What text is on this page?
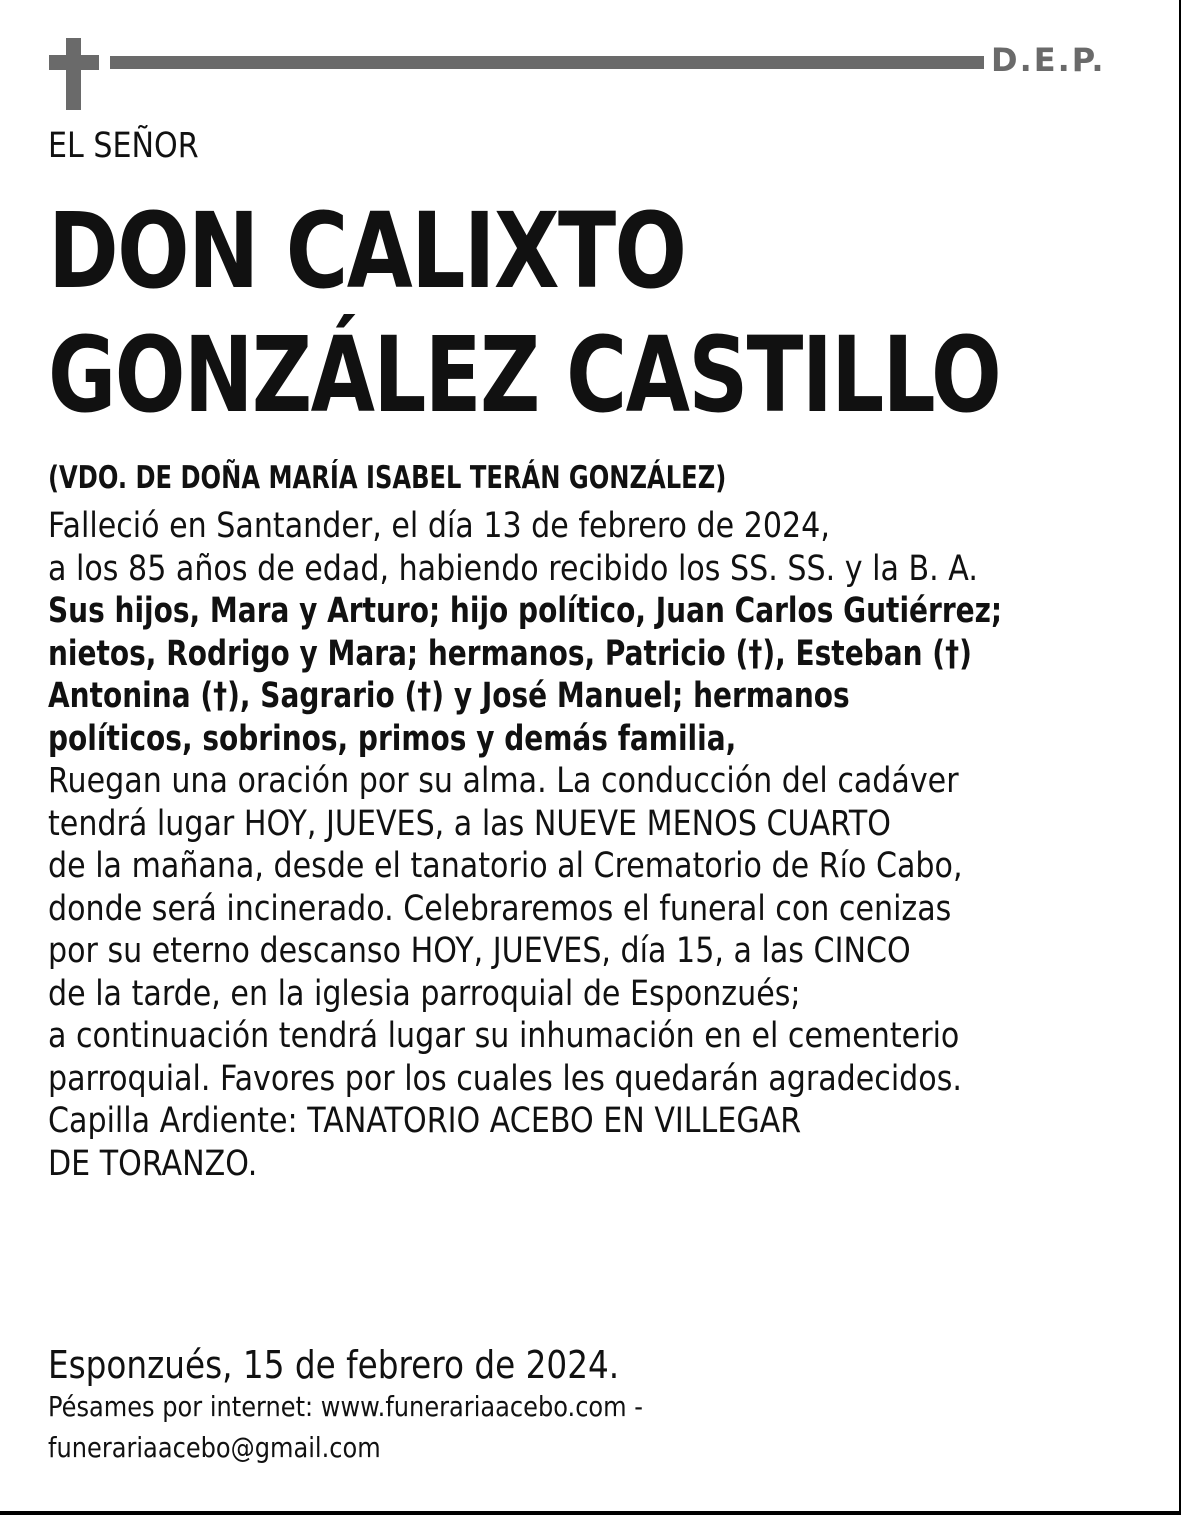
D.E.P.
EL SEÑOR
DON CALIXTO
GONZÁLEZ CASTILLO
(VDO. DE DOÑA MARÍA ISABEL TERÁN GONZÁLEZ)
Falleció en Santander, el día 13 de febrero de 2024,
a los 85 años de edad, habiendo recibido los SS. SS. y la B. A.
Sus hijos, Mara y Arturo; hijo político, Juan Carlos Gutiérrez;
nietos, Rodrigo y Mara; hermanos, Patricio (†), Esteban (†)
Antonina (†), Sagrario (†) y José Manuel; hermanos
políticos, sobrinos, primos y demás familia,
Ruegan una oración por su alma. La conducción del cadáver
tendrá lugar HOY, JUEVES, a las NUEVE MENOS CUARTO
de la mañana, desde el tanatorio al Crematorio de Río Cabo,
donde será incinerado. Celebraremos el funeral con cenizas
por su eterno descanso HOY, JUEVES, día 15, a las CINCO
de la tarde, en la iglesia parroquial de Esponzués;
a continuación tendrá lugar su inhumación en el cementerio
parroquial. Favores por los cuales les quedarán agradecidos.
Capilla Ardiente: TANATORIO ACEBO EN VILLEGAR
DE TORANZO.
Esponzués, 15 de febrero de 2024.
Pésames por internet: www.funerariaacebo.com -
funerariaacebo@gmail.com
